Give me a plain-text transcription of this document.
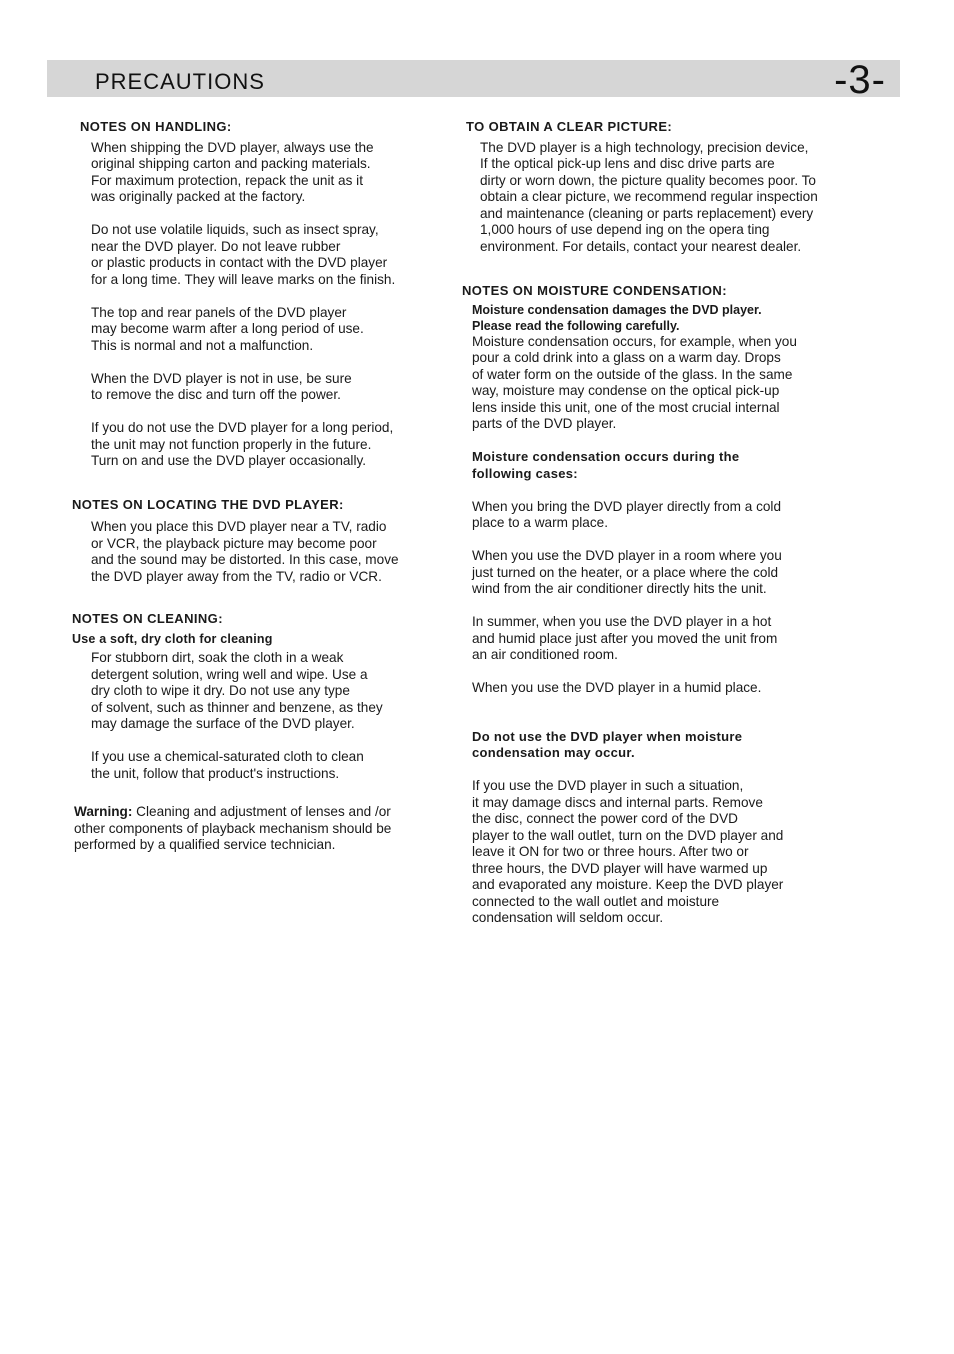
PRECAUTIONS	-3-

NOTES ON HANDLING:

When shipping the DVD player, always use the
original shipping carton and packing materials.
For maximum protection, repack the unit as it
was originally packed at the factory.
Do not use volatile liquids, such as insect spray,
near the DVD player. Do not leave rubber
or plastic products in contact with the DVD player
for a long time. They will leave marks on the finish.
The top and rear panels of the DVD player
may become warm after a long period of use.
This is normal and not a malfunction.
When the DVD player is not in use, be sure
to remove the disc and turn off the power.
If you do not use the DVD player for a long period,
the unit may not function properly in the future.
Turn on and use the DVD player occasionally.

NOTES ON LOCATING THE DVD PLAYER:

When you place this DVD player near a TV, radio
or VCR, the playback picture may become poor
and the sound may be distorted. In this case, move
the DVD player away from the TV, radio or VCR.

NOTES ON CLEANING:

Use a soft, dry cloth for cleaning

For stubborn dirt, soak the cloth in a weak
detergent solution, wring well and wipe. Use a
dry cloth to wipe it dry. Do not use any type
of solvent, such as thinner and benzene, as they
may damage the surface of the DVD player.
If you use a chemical-saturated cloth to clean
the unit, follow that product's instructions.
Warning: Cleaning and adjustment of lenses and /or
other components of playback mechanism should be
performed by a qualified service technician.

TO OBTAIN A CLEAR PICTURE:

The DVD player is a high technology, precision device,
If the optical pick-up lens and disc drive parts are
dirty or worn down, the picture quality becomes poor. To
obtain a clear picture, we recommend regular inspection
and maintenance (cleaning or parts replacement) every
1,000 hours of use depend ing on the opera ting
environment. For details, contact your nearest dealer.

NOTES ON MOISTURE CONDENSATION:

Moisture condensation damages the DVD player.
Please read the following carefully.
Moisture condensation occurs, for example, when you
pour a cold drink into a glass on a warm day. Drops
of water form on the outside of the glass. In the same
way, moisture may condense on the optical pick-up
lens inside this unit, one of the most crucial internal
parts of the DVD player.
Moisture condensation occurs during the
following cases:
When you bring the DVD player directly from a cold
place to a warm place.
When you use the DVD player in a room where you
just turned on the heater, or a place where the cold
wind from the air conditioner directly hits the unit.
In summer, when you use the DVD player in a hot
and humid place just after you moved the unit from
an air conditioned room.
When you use the DVD player in a humid place.
Do not use the DVD player when moisture
condensation may occur.
If you use the DVD player in such a situation,
it may damage discs and internal parts. Remove
the disc, connect the power cord of the DVD
player to the wall outlet, turn on the DVD player and
leave it ON for two or three hours. After two or
three hours, the DVD player will have warmed up
and evaporated any moisture. Keep the DVD player
connected to the wall outlet and moisture
condensation will seldom occur.
